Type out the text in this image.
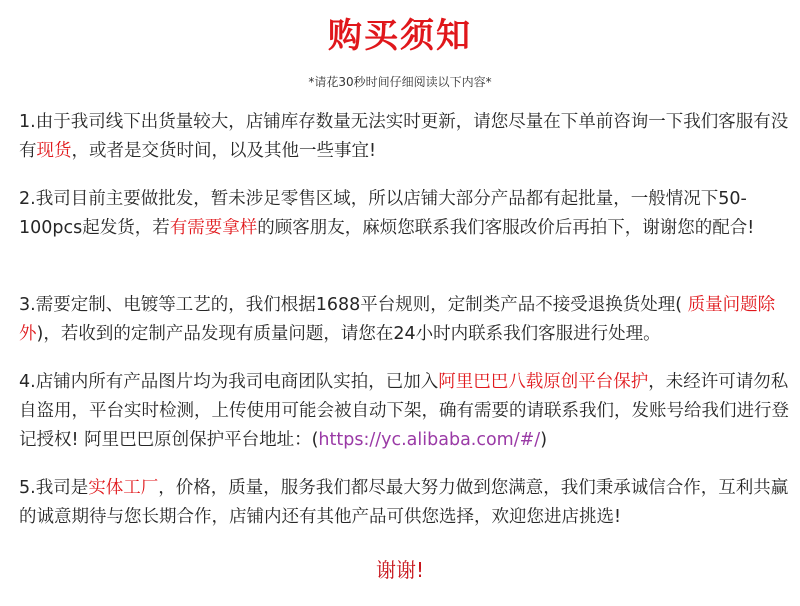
购买须知
*请花30秒时间仔细阅读以下内容*
1.由于我司线下出货量较大，店铺库存数量无法实时更新，请您尽量在下单前咨询一下我们客服有没有现货，或者是交货时间，以及其他一些事宜!
2.我司目前主要做批发，暂未涉足零售区域，所以店铺大部分产品都有起批量，一般情况下50- 100pcs起发货，若有需要拿样的顾客朋友，麻烦您联系我们客服改价后再拍下，谢谢您的配合!
3.需要定制、电镀等工艺的，我们根据1688平台规则，定制类产品不接受退换货处理( 质量问题除外)，若收到的定制产品发现有质量问题，请您在24小时内联系我们客服进行处理。
4.店铺内所有产品图片均为我司电商团队实拍，已加入阿里巴巴八载原创平台保护，未经许可请勿私自盗用，平台实时检测，上传使用可能会被自动下架，确有需要的请联系我们，发账号给我们进行登记授权! 阿里巴巴原创保护平台地址：(https://yc.alibaba.com/#/)
5.我司是实体工厂，价格，质量，服务我们都尽最大努力做到您满意，我们秉承诚信合作，互利共赢的诚意期待与您长期合作，店铺内还有其他产品可供您选择，欢迎您进店挑选!
谢谢!
